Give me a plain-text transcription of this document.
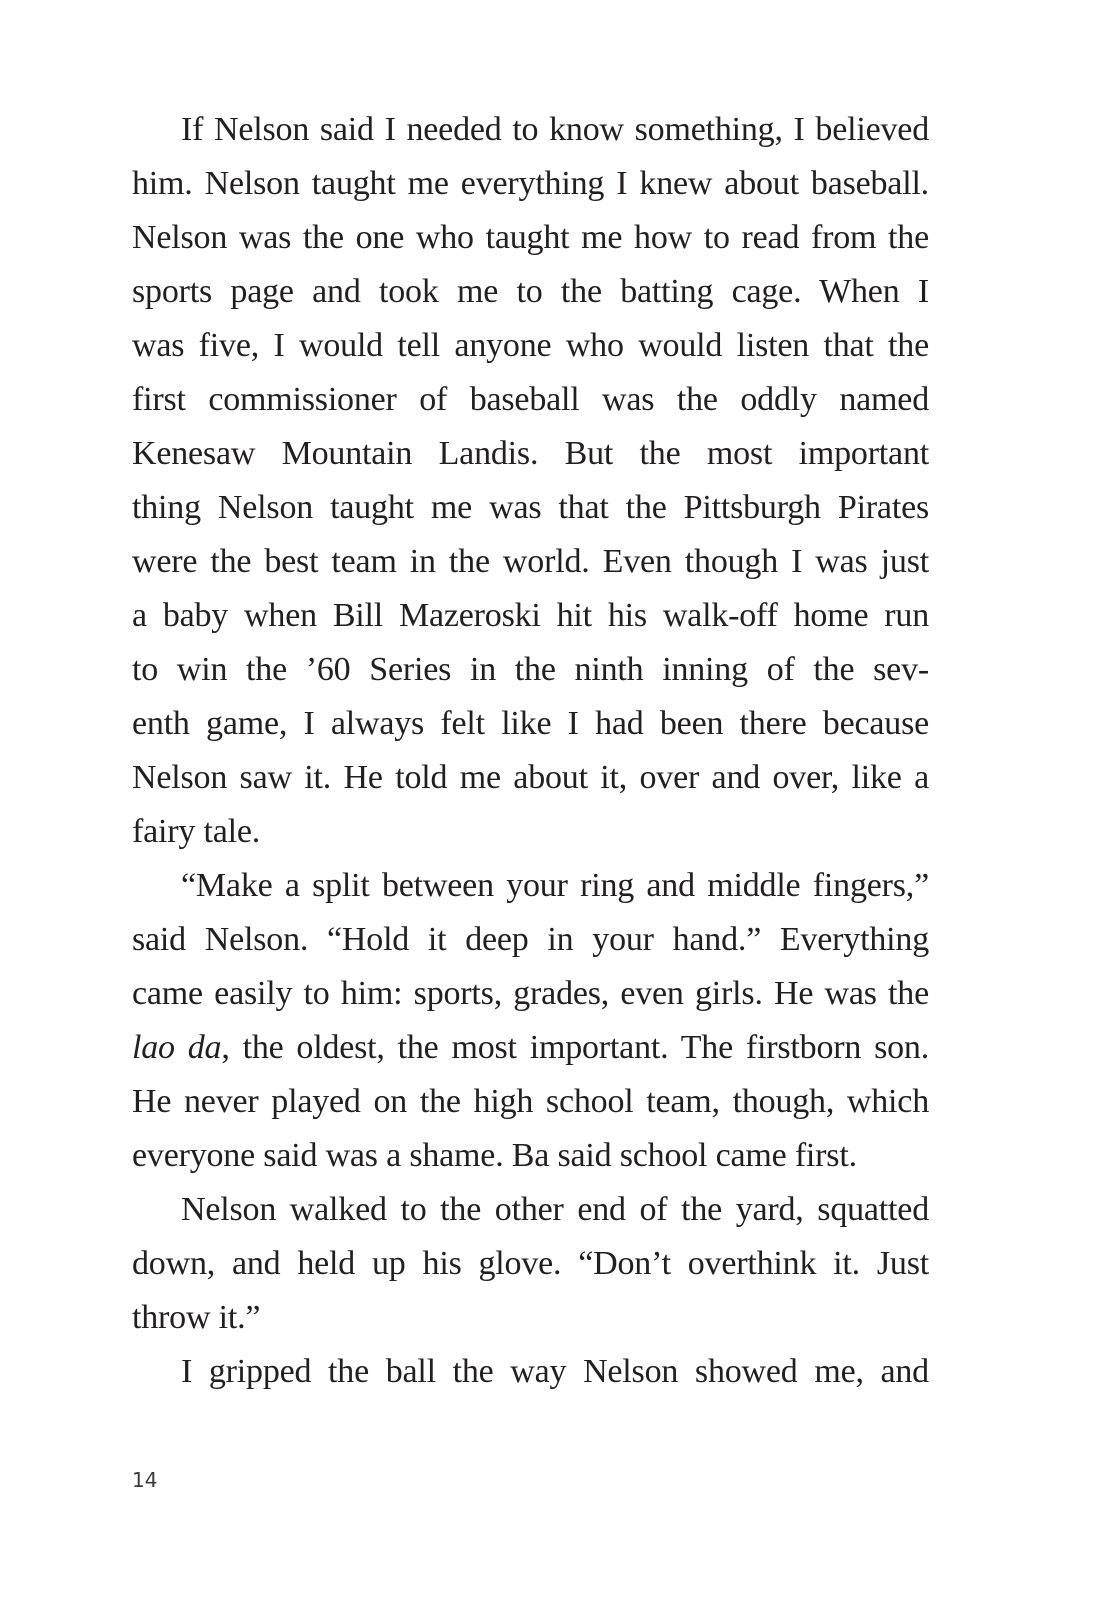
If Nelson said I needed to know something, I believed
him. Nelson taught me everything I knew about baseball.
Nelson was the one who taught me how to read from the
sports page and took me to the batting cage. When I
was five, I would tell anyone who would listen that the
first commissioner of baseball was the oddly named
Kenesaw Mountain Landis. But the most important
thing Nelson taught me was that the Pittsburgh Pirates
were the best team in the world. Even though I was just
a baby when Bill Mazeroski hit his walk-off home run
to win the ’60 Series in the ninth inning of the sev-
enth game, I always felt like I had been there because
Nelson saw it. He told me about it, over and over, like a
fairy tale.
“Make a split between your ring and middle fingers,”
said Nelson. “Hold it deep in your hand.” Everything
came easily to him: sports, grades, even girls. He was the
lao da, the oldest, the most important. The firstborn son.
He never played on the high school team, though, which
everyone said was a shame. Ba said school came first.
Nelson walked to the other end of the yard, squatted
down, and held up his glove. “Don’t overthink it. Just
throw it.”
I gripped the ball the way Nelson showed me, and
14
